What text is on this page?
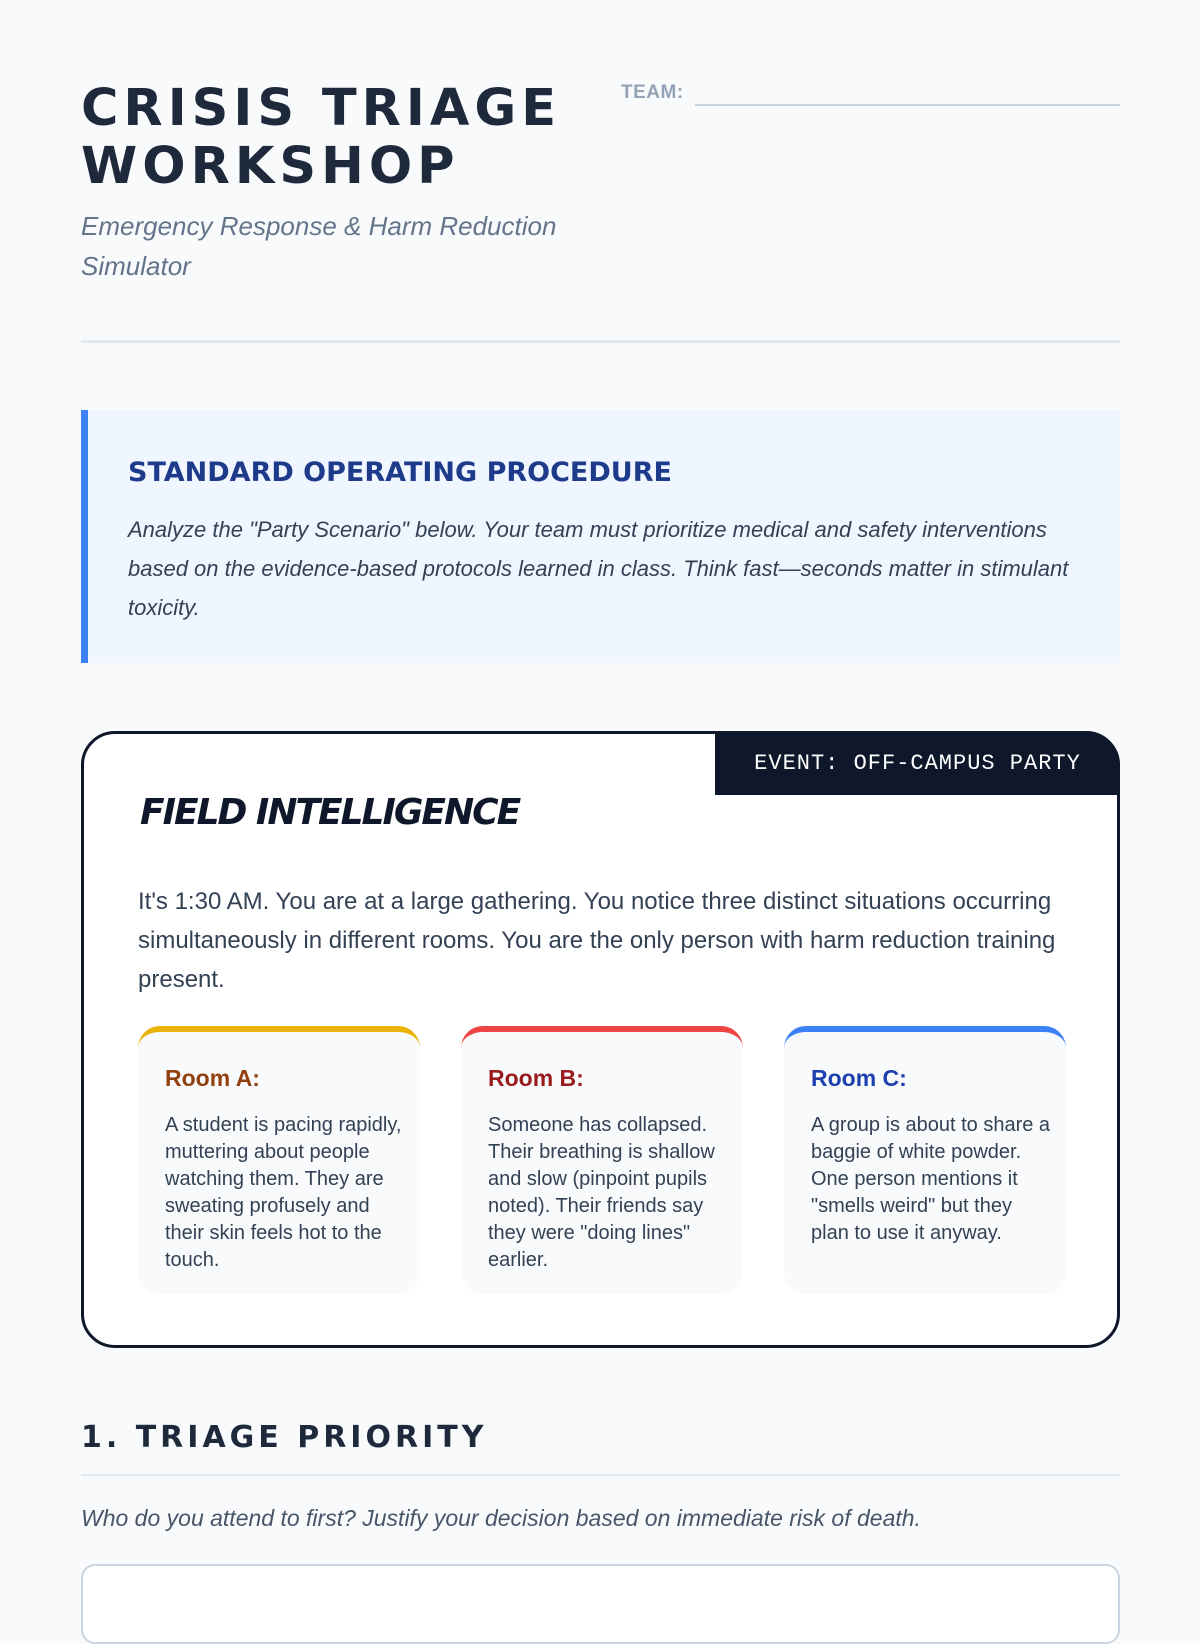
CRISIS TRIAGE WORKSHOP
Emergency Response & Harm Reduction Simulator
TEAM:
STANDARD OPERATING PROCEDURE
Analyze the "Party Scenario" below. Your team must prioritize medical and safety interventions based on the evidence-based protocols learned in class. Think fast—seconds matter in stimulant toxicity.
EVENT: OFF-CAMPUS PARTY
FIELD INTELLIGENCE
It's 1:30 AM. You are at a large gathering. You notice three distinct situations occurring simultaneously in different rooms. You are the only person with harm reduction training present.
Room A:
A student is pacing rapidly, muttering about people watching them. They are sweating profusely and their skin feels hot to the touch.
Room B:
Someone has collapsed. Their breathing is shallow and slow (pinpoint pupils noted). Their friends say they were "doing lines" earlier.
Room C:
A group is about to share a baggie of white powder. One person mentions it "smells weird" but they plan to use it anyway.
1. TRIAGE PRIORITY
Who do you attend to first? Justify your decision based on immediate risk of death.
